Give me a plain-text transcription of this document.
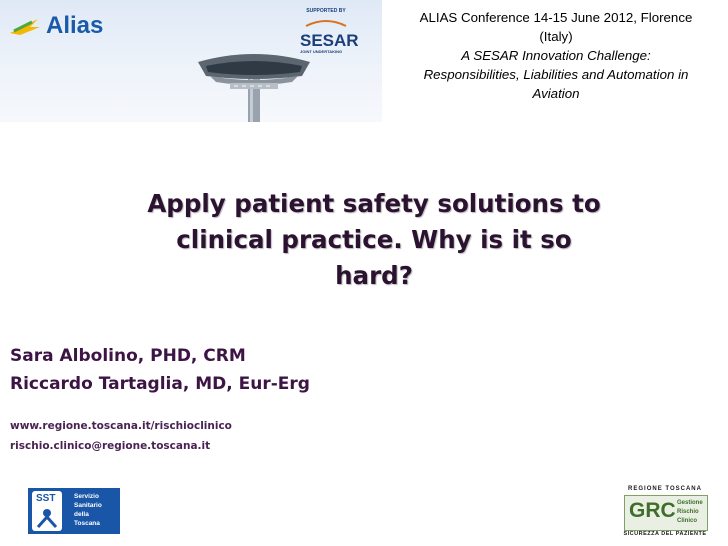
Alias
SUPPORTED BY
SESAR
JOINT UNDERTAKING
ALIAS Conference 14-15 June 2012, Florence
(Italy)
A SESAR Innovation Challenge:
Responsibilities, Liabilities and Automation in
Aviation
Apply patient safety solutions to
clinical practice. Why is it so
hard?
Sara Albolino, PHD, CRM
Riccardo Tartaglia, MD, Eur-Erg
www.regione.toscana.it/rischioclinico
rischio.clinico@regione.toscana.it
SST	Servizio
Sanitario
della
Toscana
REGIONE TOSCANA
GRC Gestione
Rischio
Clinico
SICUREZZA DEL PAZIENTE
